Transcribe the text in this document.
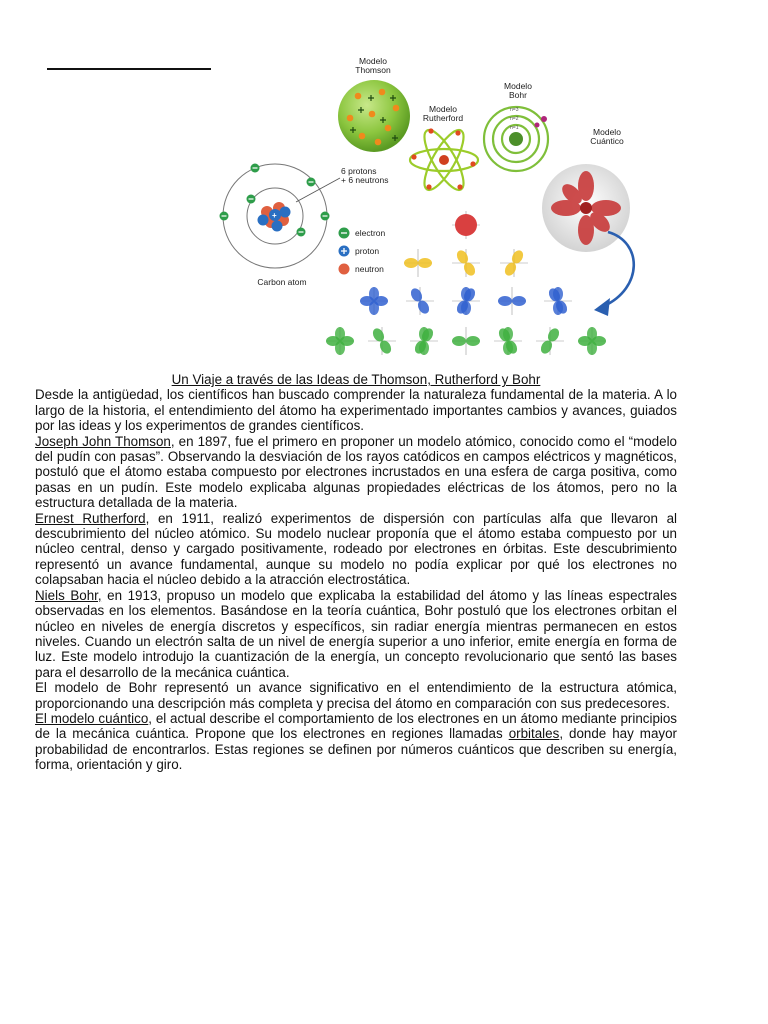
Modelo
Thomson
Modelo
Rutherford
Modelo
Bohr
n=3
n=2
n=1	Modelo
Cuántico
+
6 protons
+ 6 neutrons
electron
proton
neutron
Carbon atom
Un Viaje a través de las Ideas de Thomson, Rutherford y Bohr

Desde la antigüedad, los científicos han buscado comprender la naturaleza fundamental de la materia. A lo largo de la historia, el entendimiento del átomo ha experimentado importantes cambios y avances, guiados por las ideas y los experimentos de grandes científicos.

Joseph John Thomson, en 1897, fue el primero en proponer un modelo atómico, conocido como el “modelo del pudín con pasas”. Observando la desviación de los rayos catódicos en campos eléctricos y magnéticos, postuló que el átomo estaba compuesto por electrones incrustados en una esfera de carga positiva, como pasas en un pudín. Este modelo explicaba algunas propiedades eléctricas de los átomos, pero no la estructura detallada de la materia.

Ernest Rutherford, en 1911, realizó experimentos de dispersión con partículas alfa que llevaron al descubrimiento del núcleo atómico. Su modelo nuclear proponía que el átomo estaba compuesto por un núcleo central, denso y cargado positivamente, rodeado por electrones en órbitas. Este descubrimiento representó un avance fundamental, aunque su modelo no podía explicar por qué los electrones no colapsaban hacia el núcleo debido a la atracción electrostática.

Niels Bohr, en 1913, propuso un modelo que explicaba la estabilidad del átomo y las líneas espectrales observadas en los elementos. Basándose en la teoría cuántica, Bohr postuló que los electrones orbitan el núcleo en niveles de energía discretos y específicos, sin radiar energía mientras permanecen en estos niveles. Cuando un electrón salta de un nivel de energía superior a uno inferior, emite energía en forma de luz. Este modelo introdujo la cuantización de la energía, un concepto revolucionario que sentó las bases para el desarrollo de la mecánica cuántica.

El modelo de Bohr representó un avance significativo en el entendimiento de la estructura atómica, proporcionando una descripción más completa y precisa del átomo en comparación con sus predecesores.

El modelo cuántico, el actual describe el comportamiento de los electrones en un átomo mediante principios de la mecánica cuántica. Propone que los electrones en regiones llamadas orbitales, donde hay mayor probabilidad de encontrarlos. Estas regiones se definen por números cuánticos que describen su energía, forma, orientación y giro.
